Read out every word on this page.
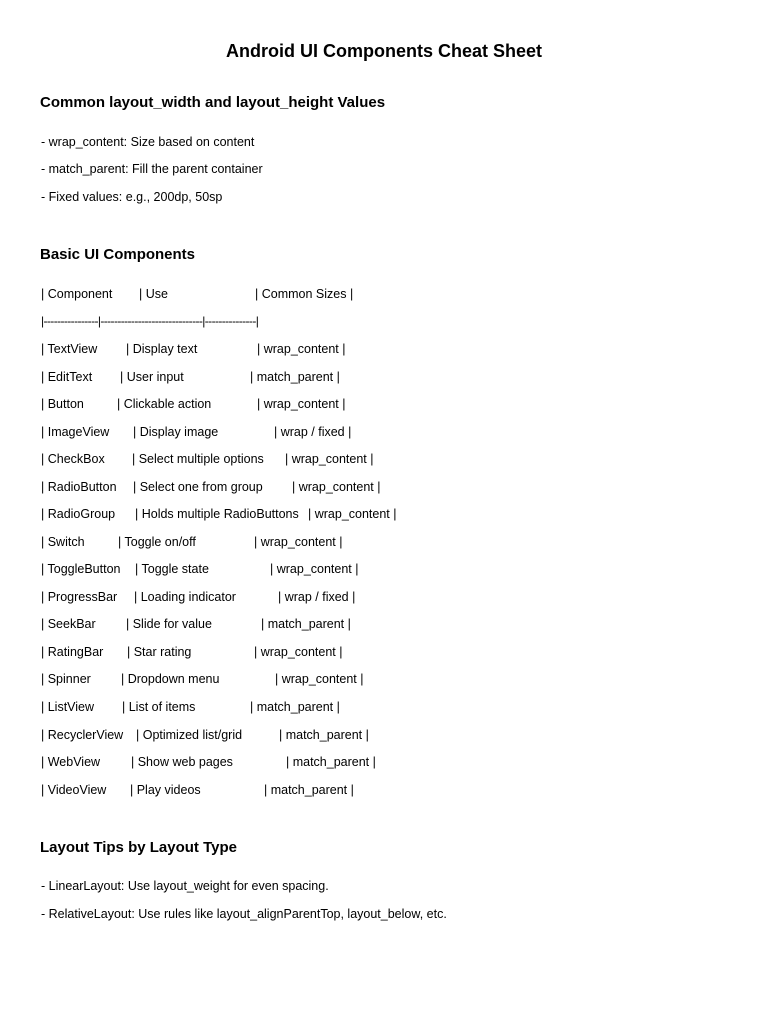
Android UI Components Cheat Sheet
Common layout_width and layout_height Values
- wrap_content: Size based on content
- match_parent: Fill the parent container
- Fixed values: e.g., 200dp, 50sp
Basic UI Components
| Component | Use	| Common Sizes |
|----------------|------------------------------|---------------|
| TextView | Display text	| wrap_content |
| EditText | User input	| match_parent |
| Button	| Clickable action	| wrap_content |
| ImageView | Display image	| wrap / fixed |
| CheckBox | Select multiple options | wrap_content |
| RadioButton | Select one from group | wrap_content |
| RadioGroup | Holds multiple RadioButtons | wrap_content |
| Switch	| Toggle on/off	| wrap_content |
| ToggleButton | Toggle state	| wrap_content |
| ProgressBar | Loading indicator	| wrap / fixed |
| SeekBar | Slide for value	| match_parent |
| RatingBar | Star rating	| wrap_content |
| Spinner | Dropdown menu	| wrap_content |
| ListView | List of items	| match_parent |
| RecyclerView | Optimized list/grid	| match_parent |
| WebView | Show web pages	| match_parent |
| VideoView | Play videos	| match_parent |
Layout Tips by Layout Type
- LinearLayout: Use layout_weight for even spacing.
- RelativeLayout: Use rules like layout_alignParentTop, layout_below, etc.
